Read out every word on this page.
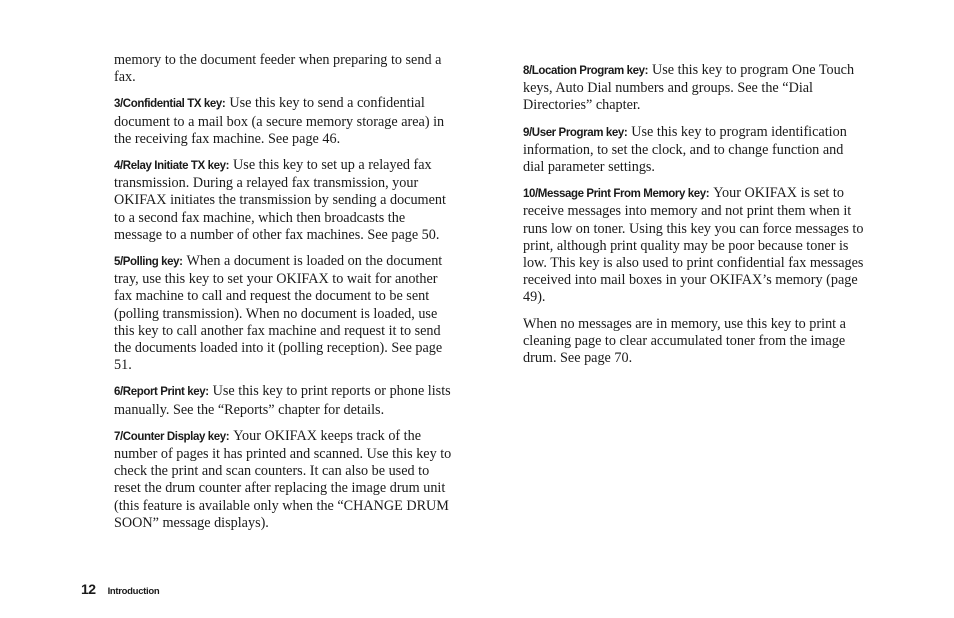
memory to the document feeder when preparing to send a fax.

3/Confidential TX key: Use this key to send a confidential document to a mail box (a secure memory storage area) in the receiving fax machine. See page 46.

4/Relay Initiate TX key: Use this key to set up a relayed fax transmission. During a relayed fax transmission, your OKIFAX initiates the transmission by sending a document to a second fax machine, which then broadcasts the message to a number of other fax machines. See page 50.

5/Polling key: When a document is loaded on the document tray, use this key to set your OKIFAX to wait for another fax machine to call and request the document to be sent (polling transmission). When no document is loaded, use this key to call another fax machine and request it to send the documents loaded into it (polling reception). See page 51.

6/Report Print key: Use this key to print reports or phone lists manually. See the “Reports” chapter for details.

7/Counter Display key: Your OKIFAX keeps track of the number of pages it has printed and scanned. Use this key to check the print and scan counters. It can also be used to reset the drum counter after replacing the image drum unit (this feature is available only when the “CHANGE DRUM SOON” message displays).

8/Location Program key: Use this key to program One Touch keys, Auto Dial numbers and groups. See the “Dial Directories” chapter.

9/User Program key: Use this key to program identification information, to set the clock, and to change function and dial parameter settings.

10/Message Print From Memory key: Your OKIFAX is set to receive messages into memory and not print them when it runs low on toner. Using this key you can force messages to print, although print quality may be poor because toner is low. This key is also used to print confidential fax messages received into mail boxes in your OKIFAX’s memory (page 49).

When no messages are in memory, use this key to print a cleaning page to clear accumulated toner from the image drum. See page 70.

12 Introduction
